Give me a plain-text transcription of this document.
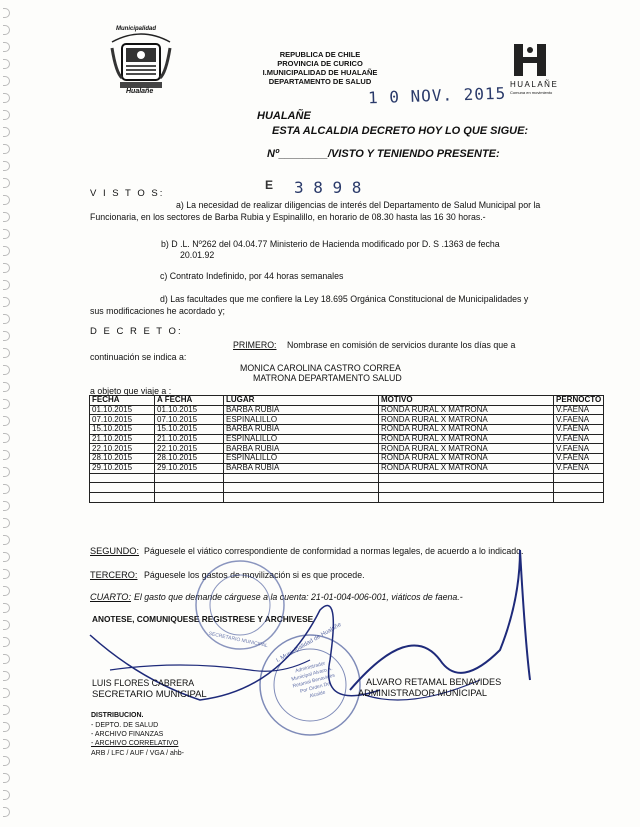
Municipalidad
Hualañe
REPUBLICA DE CHILE
PROVINCIA DE CURICO
I.MUNICIPALIDAD DE HUALAÑE
DEPARTAMENTO DE SALUD	HUALAÑE
Comuna en movimiento
1 0 NOV. 2015
HUALAÑE
ESTA ALCALDIA DECRETO HOY LO QUE SIGUE:
Nº________/VISTO Y TENIENDO PRESENTE:
E 3 8 9 8
V I S T O S:
a) La necesidad de realizar diligencias de interés del Departamento de Salud Municipal por la
Funcionaria, en los sectores de Barba Rubia y Espinalillo, en horario de 08.30 hasta las 16 30 horas.-
b) D .L. Nº262 del 04.04.77 Ministerio de Hacienda modificado por D. S .1363 de fecha
20.01.92
c) Contrato Indefinido, por 44 horas semanales
d) Las facultades que me confiere la Ley 18.695 Orgánica Constitucional de Municipalidades y
sus modificaciones he acordado y;
D E C R E T O:
PRIMERO: Nombrase en comisión de servicios durante los días que a
continuación se indica a:
MONICA CAROLINA CASTRO CORREA
MATRONA DEPARTAMENTO SALUD
a objeto que viaje a :
FECHA	A FECHA	LUGAR	MOTIVO	PERNOCTO
01.10.2015	01.10.2015	BARBA RUBIA	RONDA RURAL X MATRONA	V.FAENA
07.10.2015	07.10.2015	ESPINALILLO	RONDA RURAL X MATRONA	V.FAENA
15.10.2015	15.10.2015	BARBA RUBIA	RONDA RURAL X MATRONA	V.FAENA
21.10.2015	21.10.2015	ESPINALILLO	RONDA RURAL X MATRONA	V.FAENA
22.10.2015	22.10.2015	BARBA RUBIA	RONDA RURAL X MATRONA	V.FAENA
28.10.2015	28.10.2015	ESPINALILLO	RONDA RURAL X MATRONA	V.FAENA
29.10.2015	29.10.2015	BARBA RUBIA	RONDA RURAL X MATRONA	V.FAENA

SEGUNDO: Páguesele el viático correspondiente de conformidad a normas legales, de acuerdo a lo indicado.
TERCERO: Páguesele los gastos de movilización si es que procede.
CUARTO: El gasto que demande cárguese a la cuenta: 21-01-004-006-001, viáticos de faena.-
ANOTESE, COMUNIQUESE REGISTRESE Y ARCHIVESE
SECRETARIO MUNICIPAL I. Municipalidad de Hualañe
Administrador Municipal Alvaro A. Retamal Benavides Por Orden Del Alcalde
LUIS FLORES CABRERA
SECRETARIO MUNICIPAL
ALVARO RETAMAL BENAVIDES
ADMINISTRADOR MUNICIPAL
DISTRIBUCION.
- DEPTO. DE SALUD
- ARCHIVO FINANZAS
- ARCHIVO CORRELATIVO
ARB / LFC / AUF / VGA / ahb-
